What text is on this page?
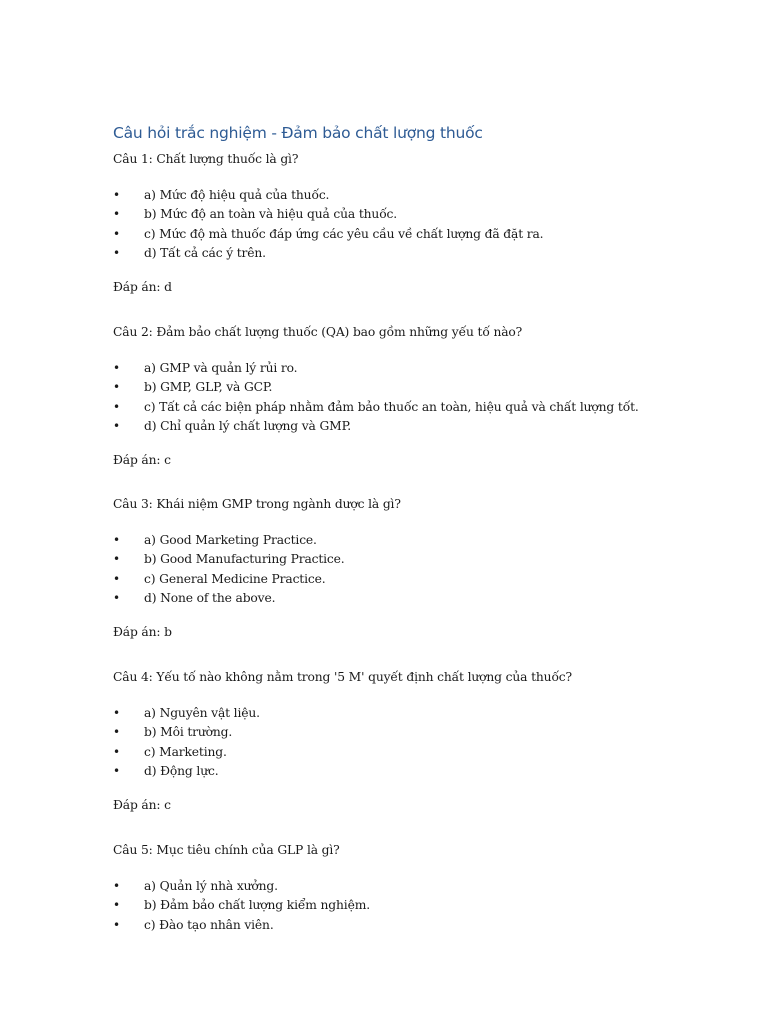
Câu hỏi trắc nghiệm - Đảm bảo chất lượng thuốc
Câu 1: Chất lượng thuốc là gì?
• a) Mức độ hiệu quả của thuốc.
• b) Mức độ an toàn và hiệu quả của thuốc.
• c) Mức độ mà thuốc đáp ứng các yêu cầu về chất lượng đã đặt ra.
• d) Tất cả các ý trên.
Đáp án: d
Câu 2: Đảm bảo chất lượng thuốc (QA) bao gồm những yếu tố nào?
• a) GMP và quản lý rủi ro.
• b) GMP, GLP, và GCP.
• c) Tất cả các biện pháp nhằm đảm bảo thuốc an toàn, hiệu quả và chất lượng tốt.
• d) Chỉ quản lý chất lượng và GMP.
Đáp án: c
Câu 3: Khái niệm GMP trong ngành dược là gì?
• a) Good Marketing Practice.
• b) Good Manufacturing Practice.
• c) General Medicine Practice.
• d) None of the above.
Đáp án: b
Câu 4: Yếu tố nào không nằm trong '5 M' quyết định chất lượng của thuốc?
• a) Nguyên vật liệu.
• b) Môi trường.
• c) Marketing.
• d) Động lực.
Đáp án: c
Câu 5: Mục tiêu chính của GLP là gì?
• a) Quản lý nhà xưởng.
• b) Đảm bảo chất lượng kiểm nghiệm.
• c) Đào tạo nhân viên.
